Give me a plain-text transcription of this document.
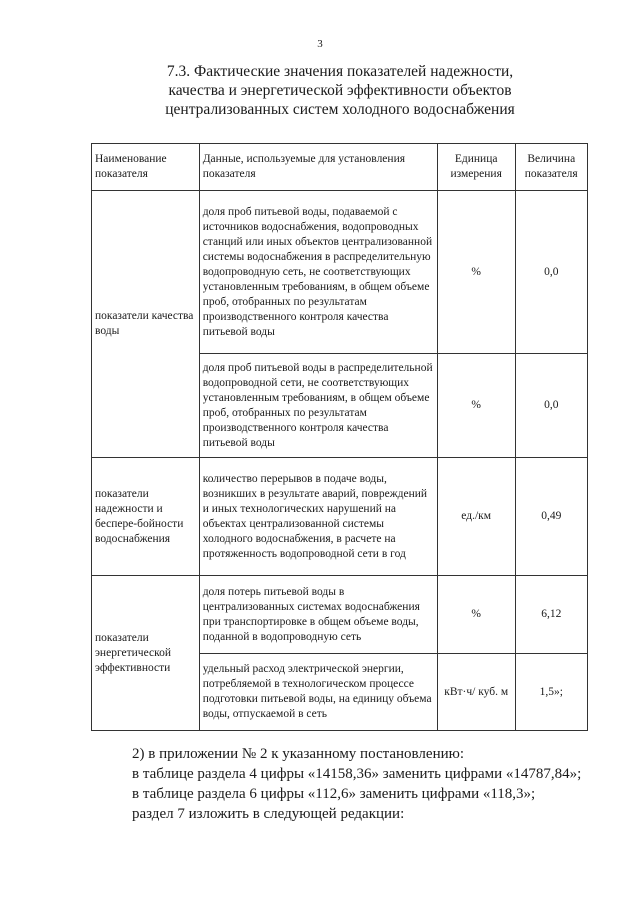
3
7.3. Фактические значения показателей надежности,
качества и энергетической эффективности объектов
централизованных систем холодного водоснабжения
Наименование показателя	Данные, используемые для установления показателя	Единица измерения	Величина показателя
показатели качества воды	доля проб питьевой воды, подаваемой с источников водоснабжения, водопроводных станций или иных объектов централизованной системы водоснабжения в распределительную водопроводную сеть, не соответствующих установленным требованиям, в общем объеме проб, отобранных по результатам производственного контроля качества питьевой воды	%	0,0
	доля проб питьевой воды в распределительной водопроводной сети, не соответствующих установленным требованиям, в общем объеме проб, отобранных по результатам производственного контроля качества питьевой воды	%	0,0
показатели надежности и беспере-бойности водоснабжения	количество перерывов в подаче воды, возникших в результате аварий, повреждений и иных технологических нарушений на объектах централизованной системы холодного водоснабжения, в расчете на протяженность водопроводной сети в год	ед./км	0,49
показатели энергетической эффективности	доля потерь питьевой воды в централизованных системах водоснабжения при транспортировке в общем объеме воды, поданной в водопроводную сеть	%	6,12
	удельный расход электрической энергии, потребляемой в технологическом процессе подготовки питьевой воды, на единицу объема воды, отпускаемой в сеть	кВт·ч/ куб. м	1,5»;

2) в приложении № 2 к указанному постановлению:

в таблице раздела 4 цифры «14158,36» заменить цифрами «14787,84»;

в таблице раздела 6 цифры «112,6» заменить цифрами «118,3»;

раздел 7 изложить в следующей редакции:
